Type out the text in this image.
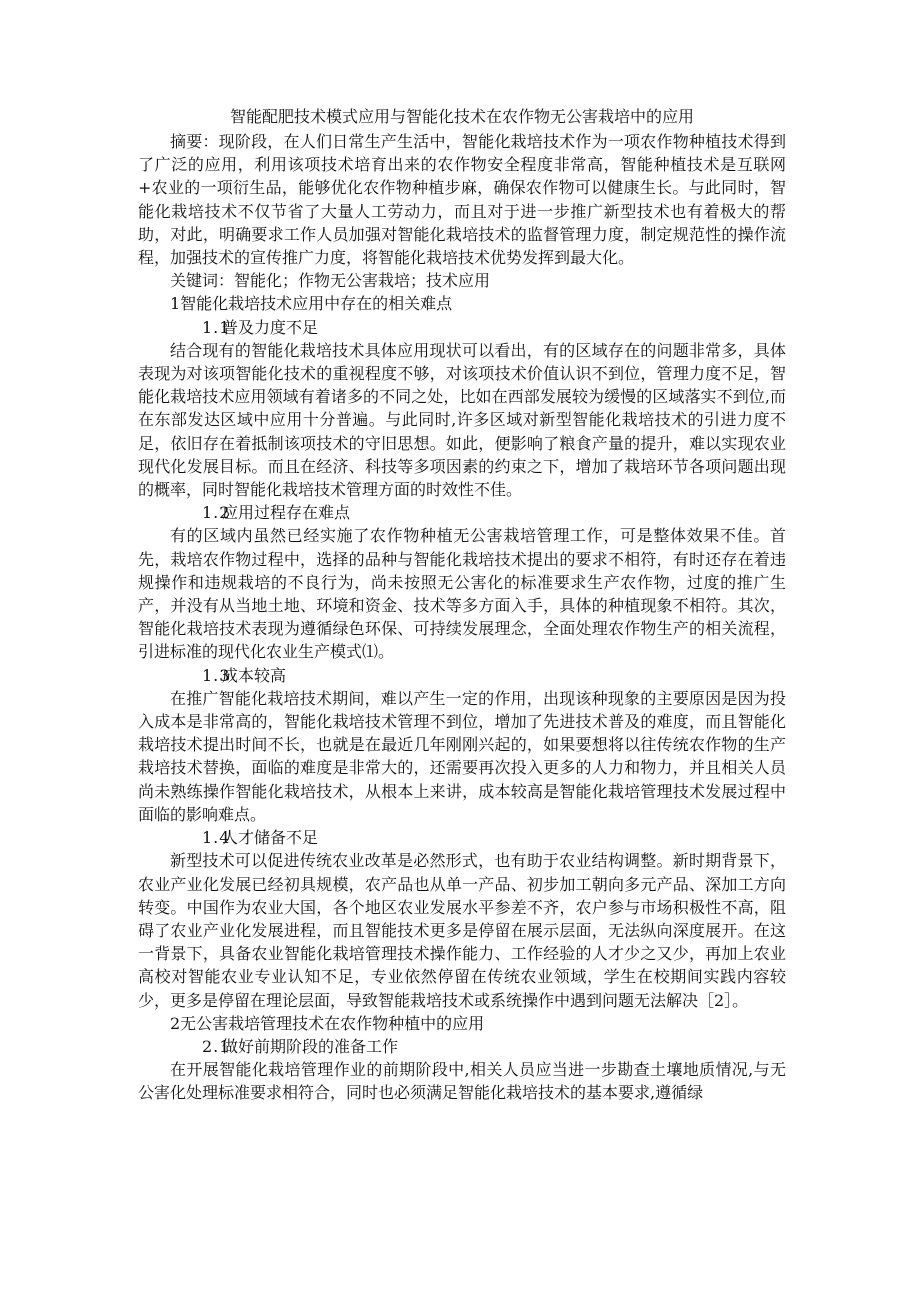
智能配肥技术模式应用与智能化技术在农作物无公害栽培中的应用

摘要：现阶段，在人们日常生产生活中，智能化栽培技术作为一项农作物种植技术得到了广泛的应用，利用该项技术培育出来的农作物安全程度非常高，智能种植技术是互联网+农业的一项衍生品，能够优化农作物种植步麻，确保农作物可以健康生长。与此同时，智能化栽培技术不仅节省了大量人工劳动力，而且对于进一步推广新型技术也有着极大的帮助，对此，明确要求工作人员加强对智能化栽培技术的监督管理力度，制定规范性的操作流程，加强技术的宣传推广力度，将智能化栽培技术优势发挥到最大化。

关键词：智能化；作物无公害栽培；技术应用

1智能化栽培技术应用中存在的相关难点

1.1普及力度不足

结合现有的智能化栽培技术具体应用现状可以看出，有的区域存在的问题非常多，具体表现为对该项智能化技术的重视程度不够，对该项技术价值认识不到位，管理力度不足，智能化栽培技术应用领域有着诸多的不同之处，比如在西部发展较为缓慢的区域落实不到位,而在东部发达区域中应用十分普遍。与此同时,许多区域对新型智能化栽培技术的引进力度不足，依旧存在着抵制该项技术的守旧思想。如此，便影响了粮食产量的提升，难以实现农业现代化发展目标。而且在经济、科技等多项因素的约束之下，增加了栽培环节各项问题出现的概率，同时智能化栽培技术管理方面的时效性不佳。

1.2应用过程存在难点

有的区域内虽然已经实施了农作物种植无公害栽培管理工作，可是整体效果不佳。首先，栽培农作物过程中，选择的品种与智能化栽培技术提出的要求不相符，有时还存在着违规操作和违规栽培的不良行为，尚未按照无公害化的标准要求生产农作物，过度的推广生产，并没有从当地土地、环境和资金、技术等多方面入手，具体的种植现象不相符。其次，智能化栽培技术表现为遵循绿色环保、可持续发展理念，全面处理农作物生产的相关流程，引进标准的现代化农业生产模式⑴。

1.3成本较高

在推广智能化栽培技术期间，难以产生一定的作用，出现该种现象的主要原因是因为投入成本是非常高的，智能化栽培技术管理不到位，增加了先进技术普及的难度，而且智能化栽培技术提出时间不长，也就是在最近几年刚刚兴起的，如果要想将以往传统农作物的生产栽培技术替换，面临的难度是非常大的，还需要再次投入更多的人力和物力，并且相关人员尚未熟练操作智能化栽培技术，从根本上来讲，成本较高是智能化栽培管理技术发展过程中面临的影响难点。

1.4人才储备不足

新型技术可以促进传统农业改革是必然形式，也有助于农业结构调整。新时期背景下，农业产业化发展已经初具规模，农产品也从单一产品、初步加工朝向多元产品、深加工方向转变。中国作为农业大国，各个地区农业发展水平参差不齐，农户参与市场积极性不高，阻碍了农业产业化发展进程，而且智能技术更多是停留在展示层面，无法纵向深度展开。在这一背景下，具备农业智能化栽培管理技术操作能力、工作经验的人才少之又少，再加上农业高校对智能农业专业认知不足，专业依然停留在传统农业领域，学生在校期间实践内容较少，更多是停留在理论层面，导致智能栽培技术或系统操作中遇到问题无法解决［2］。

2无公害栽培管理技术在农作物种植中的应用

2.1做好前期阶段的准备工作

在开展智能化栽培管理作业的前期阶段中,相关人员应当进一步勘查土壤地质情况,与无公害化处理标准要求相符合，同时也必须满足智能化栽培技术的基本要求,遵循绿
